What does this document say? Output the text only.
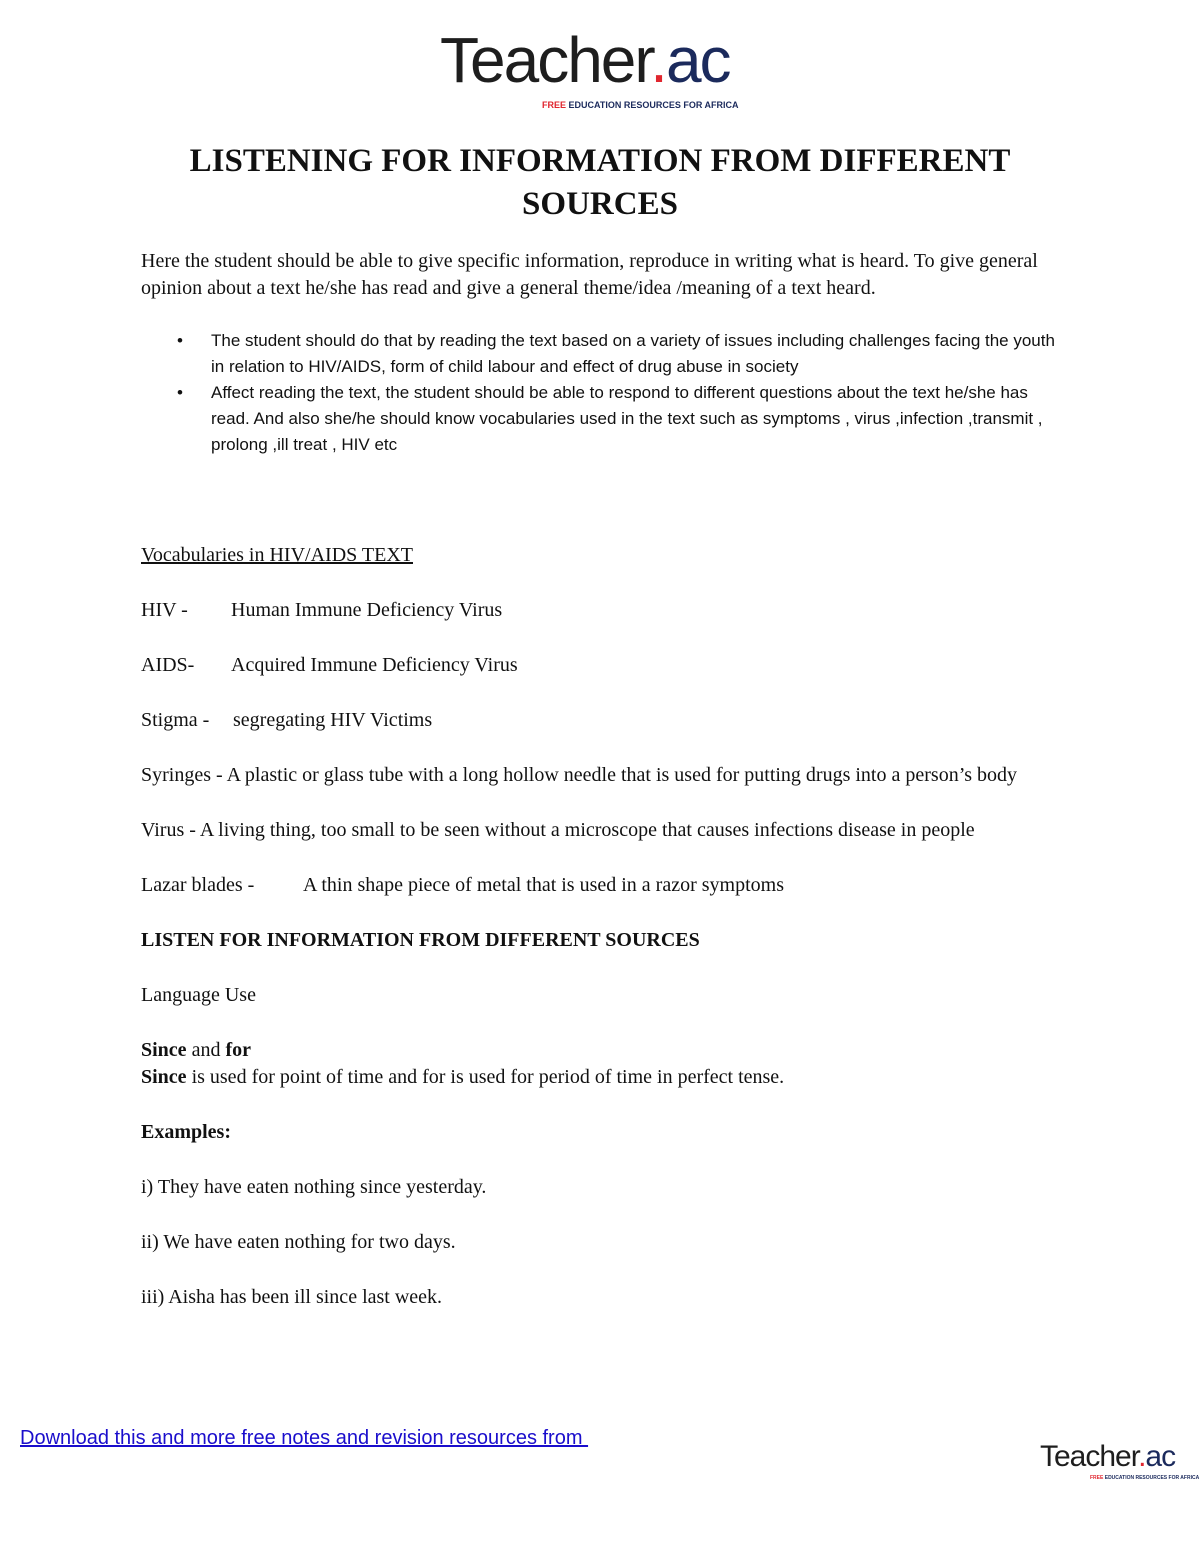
Teacher.ac
FREE EDUCATION RESOURCES FOR AFRICA
LISTENING FOR INFORMATION FROM DIFFERENT
SOURCES

Here the student should be able to give specific information, reproduce in writing what is heard. To give general opinion about a text he/she has read and give a general theme/idea /meaning of a text heard.

• The student should do that by reading the text based on a variety of issues including challenges facing the youth in relation to HIV/AIDS, form of child labour and effect of drug abuse in society
• Affect reading the text, the student should be able to respond to different questions about the text he/she has read. And also she/he should know vocabularies used in the text such as symptoms , virus ,infection ,transmit , prolong ,ill treat , HIV etc

Vocabularies in HIV/AIDS TEXT

HIV - Human Immune Deficiency Virus

AIDS- Acquired Immune Deficiency Virus

Stigma - segregating HIV Victims

Syringes - A plastic or glass tube with a long hollow needle that is used for putting drugs into a person’s body

Virus - A living thing, too small to be seen without a microscope that causes infections disease in people

Lazar blades - A thin shape piece of metal that is used in a razor symptoms

LISTEN FOR INFORMATION FROM DIFFERENT SOURCES

Language Use

Since and for

Since is used for point of time and for is used for period of time in perfect tense.

Examples:

i) They have eaten nothing since yesterday.

ii) We have eaten nothing for two days.

iii) Aisha has been ill since last week.

Download this and more free notes and revision resources from
Teacher.ac
FREE EDUCATION RESOURCES FOR AFRICA
